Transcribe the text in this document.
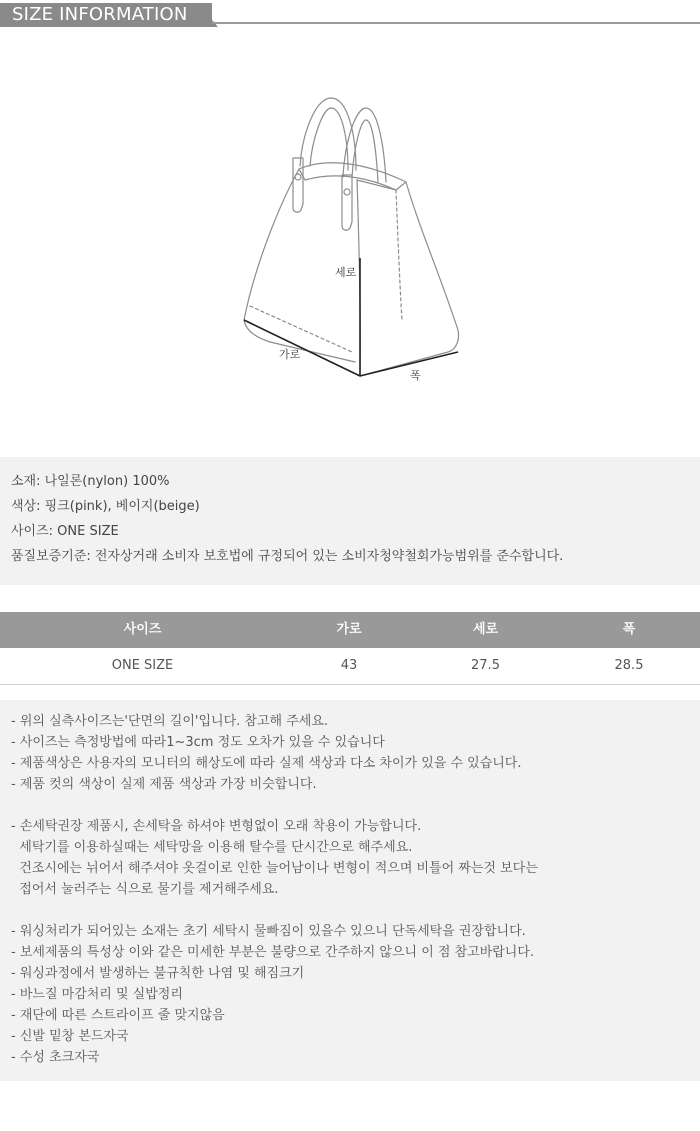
SIZE INFORMATION
세로
가로
폭
소재: 나일론(nylon) 100%
색상: 핑크(pink), 베이지(beige)
사이즈: ONE SIZE
품질보증기준: 전자상거래 소비자 보호법에 규정되어 있는 소비자청약철회가능범위를 준수합니다.
사이즈	가로	세로	폭
ONE SIZE	43	27.5	28.5
- 위의 실측사이즈는'단면의 길이'입니다. 참고해 주세요.
- 사이즈는 측정방법에 따라1~3cm 정도 오차가 있을 수 있습니다
- 제품색상은 사용자의 모니터의 해상도에 따라 실제 색상과 다소 차이가 있을 수 있습니다.
- 제품 컷의 색상이 실제 제품 색상과 가장 비슷합니다.
- 손세탁권장 제품시, 손세탁을 하셔야 변형없이 오래 착용이 가능합니다.
세탁기를 이용하실때는 세탁망을 이용해 탈수를 단시간으로 해주세요.
건조시에는 뉘어서 해주셔야 옷걸이로 인한 늘어남이나 변형이 적으며 비틀어 짜는것 보다는
접어서 눌러주는 식으로 물기를 제거해주세요.
- 워싱처리가 되어있는 소재는 초기 세탁시 물빠짐이 있을수 있으니 단독세탁을 권장합니다.
- 보세제품의 특성상 이와 같은 미세한 부분은 불량으로 간주하지 않으니 이 점 참고바랍니다.
- 워싱과정에서 발생하는 불규칙한 나염 및 해짐크기
- 바느질 마감처리 및 실밥정리
- 재단에 따른 스트라이프 줄 맞지않음
- 신발 밑창 본드자국
- 수성 초크자국
